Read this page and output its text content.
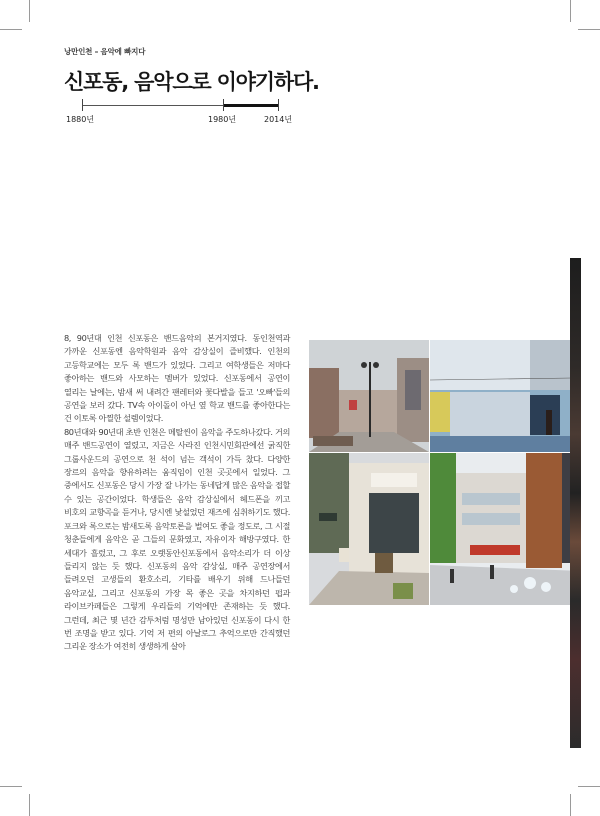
낭만인천 – 음악에 빠지다
신포동, 음악으로 이야기하다.
1880년	1980년	2014년

8, 90년대 인천 신포동은 밴드음악의 본거지였다. 동인천역과 가까운 신포동엔 음악학원과 음악 감상실이 즐비했다. 인천의 고등학교에는 모두 록 밴드가 있었다. 그리고 여학생들은 저마다 좋아하는 밴드와 사모하는 멤버가 있었다. 신포동에서 공연이 열리는 날에는, 밤새 써 내려간 팬레터와 꽃다발을 들고 '오빠'들의 공연을 보러 갔다. TV속 아이돌이 아닌 옆 학교 밴드를 좋아한다는 건 이토록 아찔한 설렘이었다.

80년대와 90년대 초반 인천은 메탈씬이 음악을 주도하나갔다. 거의 매주 밴드공연이 열렸고, 지금은 사라진 인천시민회관에선 굵직한 그룹사운드의 공연으로 천 석이 넘는 객석이 가득 찼다. 다양한 장르의 음악을 향유하려는 움직임이 인천 곳곳에서 일었다. 그 중에서도 신포동은 당시 가장 잘 나가는 동네답게 많은 음악을 접할 수 있는 공간이었다. 학생들은 음악 감상실에서 헤드폰을 끼고 비호의 교향곡을 듣거나, 당시엔 낯설었던 재즈에 심취하기도 했다. 포크와 록으로는 밤새도록 음악토론을 벌여도 좋을 정도로, 그 시절 청춘들에게 음악은 곧 그들의 문화였고, 자유이자 해방구였다. 한 세대가 흘렀고, 그 후로 오랫동안신포동에서 음악소리가 더 이상 들리지 않는 듯 했다. 신포동의 음악 감상실, 매주 공연장에서 들려오던 고생들의 환호소리, 기타를 배우기 위해 드나들던 음악교실, 그리고 신포동의 가장 목 좋은 곳을 차지하던 펍과 라이브카페들은 그렇게 우리들의 기억에만 존재하는 듯 했다. 그런데, 최근 몇 년간 감투처럼 명성만 남아있던 신포동이 다시 한 번 조명을 받고 있다. 기억 저 편의 아날로그 추억으로만 간직했던 그리운 장소가 여전히 생생하게 살아
